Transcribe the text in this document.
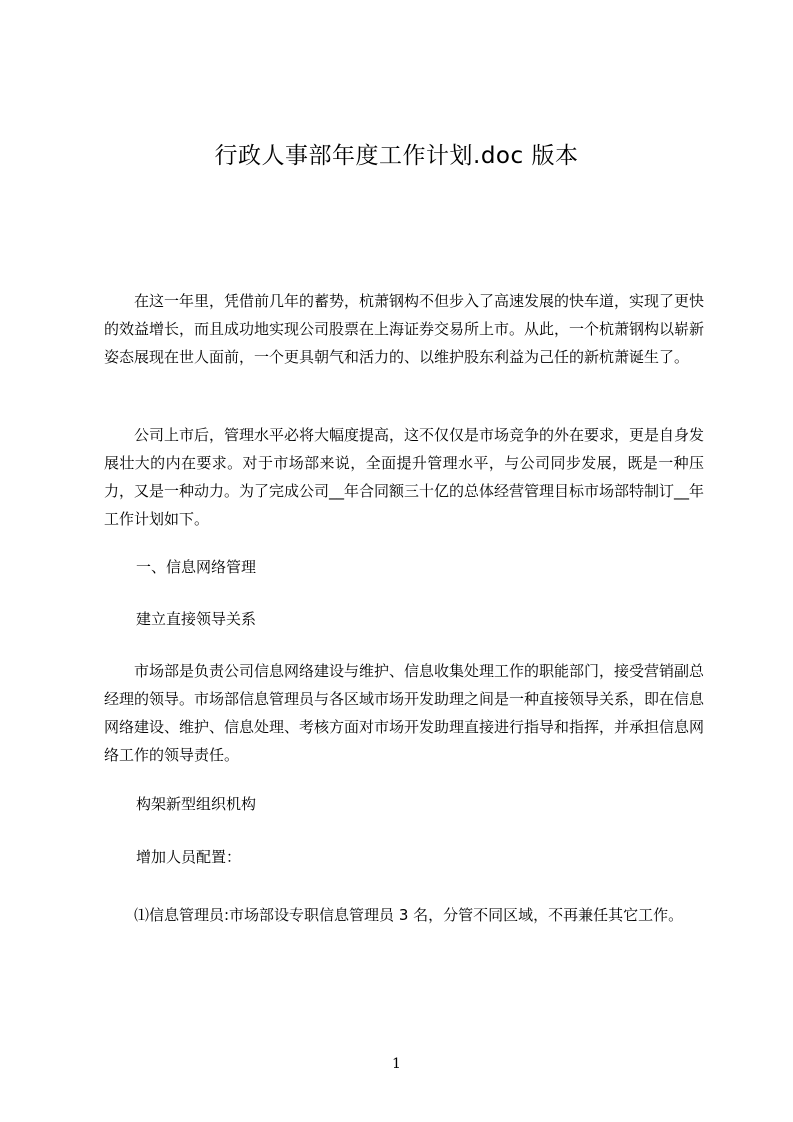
行政人事部年度工作计划.doc 版本
在这一年里，凭借前几年的蓄势，杭萧钢构不但步入了高速发展的快车道，实现了更快的效益增长，而且成功地实现公司股票在上海证券交易所上市。从此，一个杭萧钢构以崭新姿态展现在世人面前，一个更具朝气和活力的、以维护股东利益为己任的新杭萧诞生了。
公司上市后，管理水平必将大幅度提高，这不仅仅是市场竞争的外在要求，更是自身发展壮大的内在要求。对于市场部来说，全面提升管理水平，与公司同步发展，既是一种压力，又是一种动力。为了完成公司__年合同额三十亿的总体经营管理目标市场部特制订__年工作计划如下。
一、信息网络管理
建立直接领导关系
市场部是负责公司信息网络建设与维护、信息收集处理工作的职能部门，接受营销副总经理的领导。市场部信息管理员与各区域市场开发助理之间是一种直接领导关系，即在信息网络建设、维护、信息处理、考核方面对市场开发助理直接进行指导和指挥，并承担信息网络工作的领导责任。
构架新型组织机构
增加人员配置：
⑴信息管理员:市场部设专职信息管理员 3 名，分管不同区域，不再兼任其它工作。
1
